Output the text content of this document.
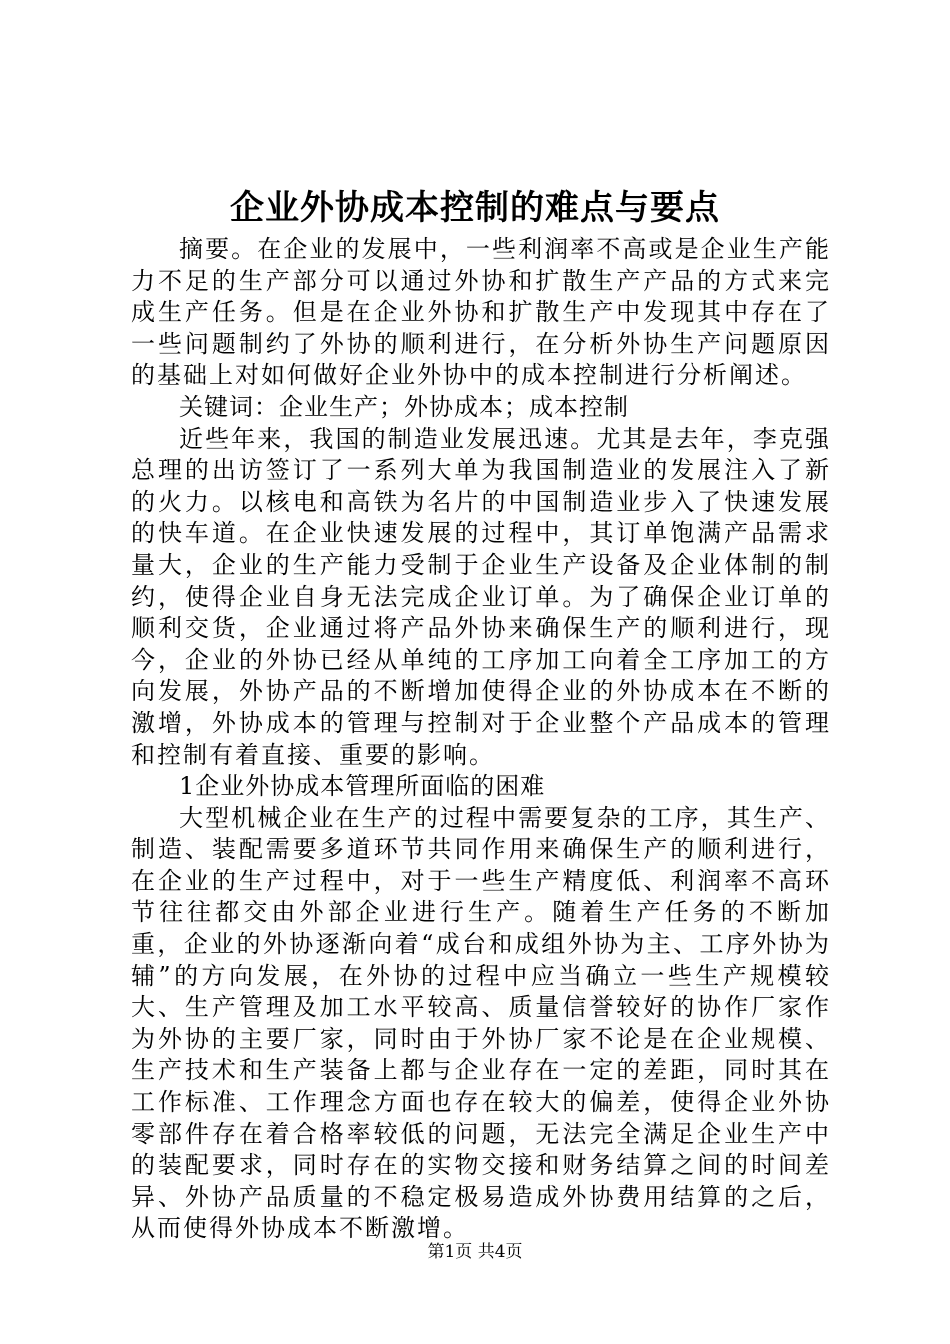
企业外协成本控制的难点与要点

摘要。在企业的发展中，一些利润率不高或是企业生产能力不足的生产部分可以通过外协和扩散生产产品的方式来完成生产任务。但是在企业外协和扩散生产中发现其中存在了一些问题制约了外协的顺利进行，在分析外协生产问题原因的基础上对如何做好企业外协中的成本控制进行分析阐述。

关键词：企业生产；外协成本；成本控制

近些年来，我国的制造业发展迅速。尤其是去年，李克强总理的出访签订了一系列大单为我国制造业的发展注入了新的火力。以核电和高铁为名片的中国制造业步入了快速发展的快车道。在企业快速发展的过程中，其订单饱满产品需求量大，企业的生产能力受制于企业生产设备及企业体制的制约，使得企业自身无法完成企业订单。为了确保企业订单的顺利交货，企业通过将产品外协来确保生产的顺利进行，现今，企业的外协已经从单纯的工序加工向着全工序加工的方向发展，外协产品的不断增加使得企业的外协成本在不断的激增，外协成本的管理与控制对于企业整个产品成本的管理和控制有着直接、重要的影响。

1企业外协成本管理所面临的困难

大型机械企业在生产的过程中需要复杂的工序，其生产、制造、装配需要多道环节共同作用来确保生产的顺利进行，在企业的生产过程中，对于一些生产精度低、利润率不高环节往往都交由外部企业进行生产。随着生产任务的不断加重，企业的外协逐渐向着“成台和成组外协为主、工序外协为辅”的方向发展，在外协的过程中应当确立一些生产规模较大、生产管理及加工水平较高、质量信誉较好的协作厂家作为外协的主要厂家，同时由于外协厂家不论是在企业规模、生产技术和生产装备上都与企业存在一定的差距，同时其在工作标准、工作理念方面也存在较大的偏差，使得企业外协零部件存在着合格率较低的问题，无法完全满足企业生产中的装配要求，同时存在的实物交接和财务结算之间的时间差异、外协产品质量的不稳定极易造成外协费用结算的之后，从而使得外协成本不断激增。

第1页 共4页
